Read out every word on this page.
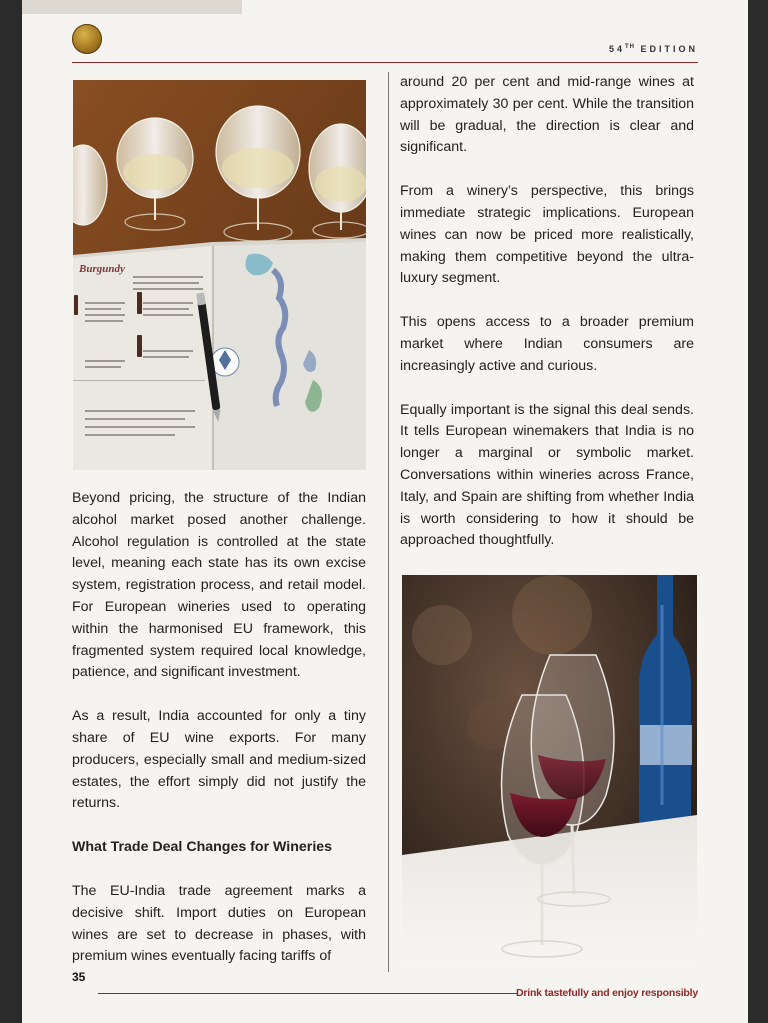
54TH EDITION
Burgundy

Beyond pricing, the structure of the Indian alcohol market posed another challenge. Alcohol regulation is controlled at the state level, meaning each state has its own excise system, registration process, and retail model. For European wineries used to operating within the harmonised EU framework, this fragmented system required local knowledge, patience, and significant investment.

As a result, India accounted for only a tiny share of EU wine exports. For many producers, especially small and medium-sized estates, the effort simply did not justify the returns.

What Trade Deal Changes for Wineries

The EU-India trade agreement marks a decisive shift. Import duties on European wines are set to decrease in phases, with premium wines eventually facing tariffs of

around 20 per cent and mid-range wines at approximately 30 per cent. While the transition will be gradual, the direction is clear and significant.

From a winery’s perspective, this brings immediate strategic implications. European wines can now be priced more realistically, making them competitive beyond the ultra-luxury segment.

This opens access to a broader premium market where Indian consumers are increasingly active and curious.

Equally important is the signal this deal sends. It tells European winemakers that India is no longer a marginal or symbolic market. Conversations within wineries across France, Italy, and Spain are shifting from whether India is worth considering to how it should be approached thoughtfully.

35
Drink tastefully and enjoy responsibly
